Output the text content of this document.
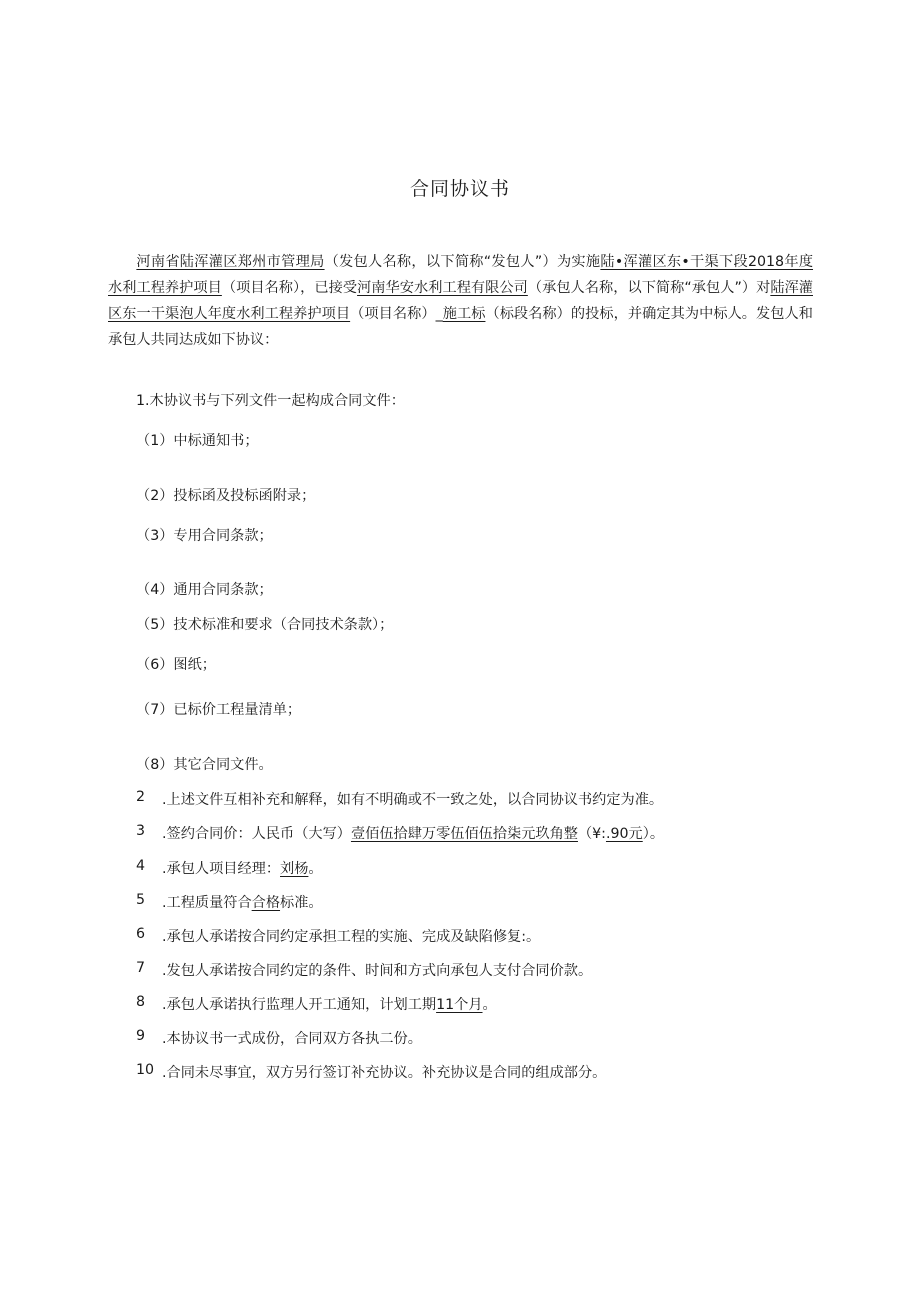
合同协议书
河南省陆浑灌区郑州市管理局（发包人名称，以下简称“发包人”）为实施陆•浑灌区东•干渠下段2018年度水利工程养护项目（项目名称），已接受河南华安水利工程有限公司（承包人名称，以下简称“承包人”）对陆浑灌区东一干渠泡人年度水利工程养护项目（项目名称）_施工标（标段名称）的投标，并确定其为中标人。发包人和承包人共同达成如下协议：
1.木协议书与下列文件一起构成合同文件：
（1）中标通知书；
（2）投标函及投标函附录；
（3）专用合同条款；
（4）通用合同条款；
（5）技术标准和要求（合同技术条款）；
（6）图纸；
（7）已标价工程量清单；
（8）其它合同文件。
2 .上述文件互相补充和解释，如有不明确或不一致之处，以合同协议书约定为准。
3 .签约合同价：人民币（大写）壹佰伍拾肆万零伍佰伍拾柒元玖角整（¥:.90元）。
4 .承包人项目经理：刘杨。
5 .工程质量符合合格标准。
6 .承包人承诺按合同约定承担工程的实施、完成及缺陷修复:。
7 .发包人承诺按合同约定的条件、时间和方式向承包人支付合同价款。
8 .承包人承诺执行监理人开工通知，计划工期11个月。
9 .本协议书一式成份，合同双方各执二份。
10 .合同未尽事宜，双方另行签订补充协议。补充协议是合同的组成部分。
